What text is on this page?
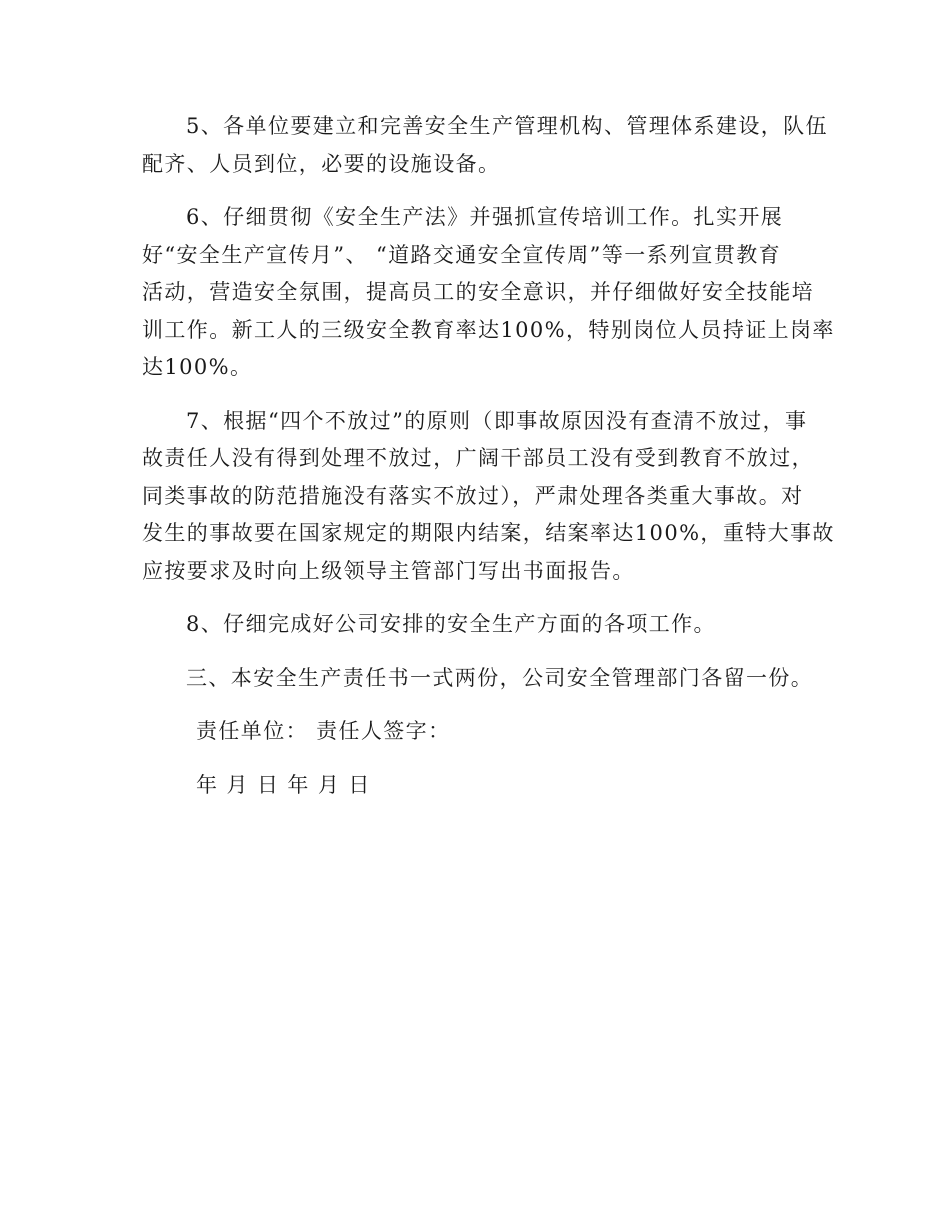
5、各单位要建立和完善安全生产管理机构、管理体系建设，队伍
配齐、人员到位，必要的设施设备。
6、仔细贯彻《安全生产法》并强抓宣传培训工作。扎实开展
好“安全生产宣传月”、 “道路交通安全宣传周”等一系列宣贯教育
活动，营造安全氛围，提高员工的安全意识，并仔细做好安全技能培
训工作。新工人的三级安全教育率达100%，特别岗位人员持证上岗率
达100%。
7、根据“四个不放过”的原则（即事故原因没有查清不放过，事
故责任人没有得到处理不放过，广阔干部员工没有受到教育不放过，
同类事故的防范措施没有落实不放过），严肃处理各类重大事故。对
发生的事故要在国家规定的期限内结案，结案率达100%，重特大事故
应按要求及时向上级领导主管部门写出书面报告。
8、仔细完成好公司安排的安全生产方面的各项工作。
三、本安全生产责任书一式两份，公司安全管理部门各留一份。
责任单位： 责任人签字：
年 月 日 年 月 日
